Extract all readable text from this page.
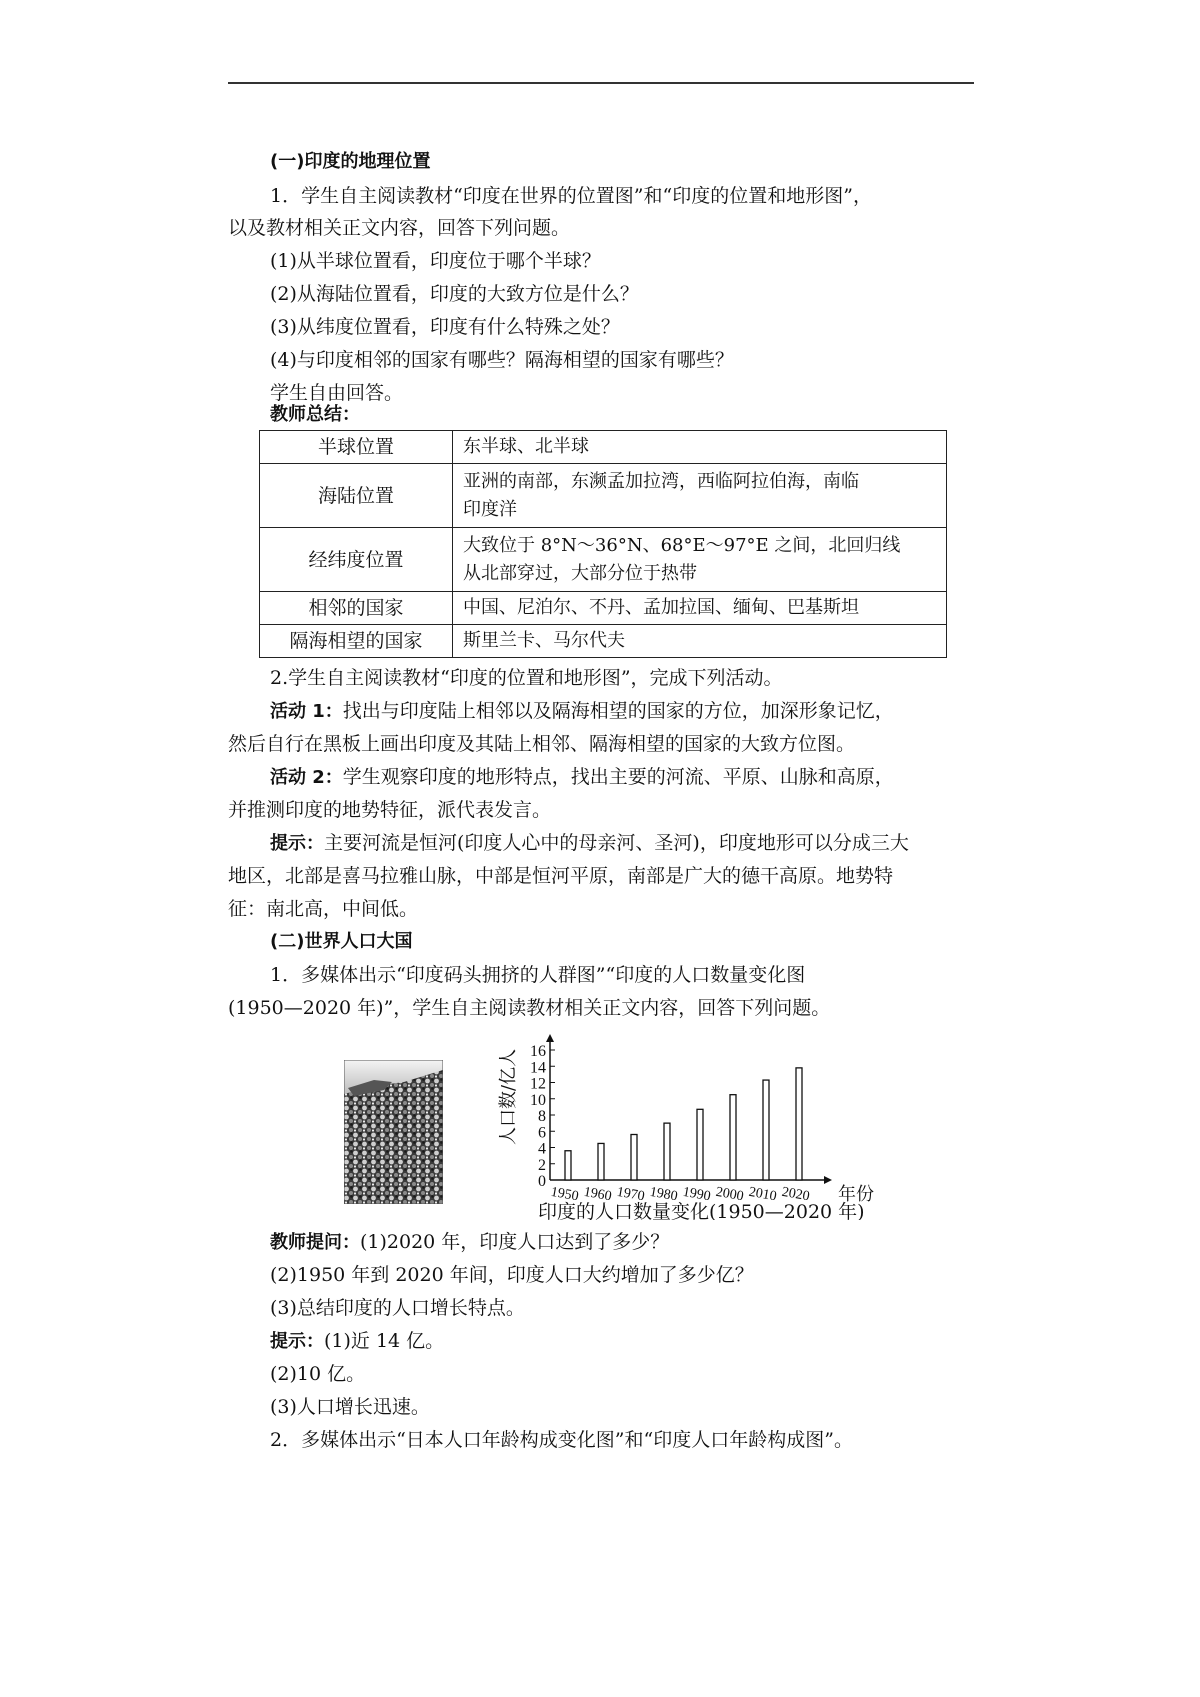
(一)印度的地理位置
1．学生自主阅读教材“印度在世界的位置图”和“印度的位置和地形图”，
以及教材相关正文内容，回答下列问题。
(1)从半球位置看，印度位于哪个半球？
(2)从海陆位置看，印度的大致方位是什么？
(3)从纬度位置看，印度有什么特殊之处？
(4)与印度相邻的国家有哪些？隔海相望的国家有哪些？
学生自由回答。
教师总结：
半球位置	东半球、北半球
海陆位置	亚洲的南部，东濒孟加拉湾，西临阿拉伯海，南临
印度洋
经纬度位置	大致位于 8°N～36°N、68°E～97°E 之间，北回归线
从北部穿过，大部分位于热带
相邻的国家	中国、尼泊尔、不丹、孟加拉国、缅甸、巴基斯坦
隔海相望的国家	斯里兰卡、马尔代夫
2.学生自主阅读教材“印度的位置和地形图”，完成下列活动。
活动 1：找出与印度陆上相邻以及隔海相望的国家的方位，加深形象记忆，
然后自行在黑板上画出印度及其陆上相邻、隔海相望的国家的大致方位图。
活动 2：学生观察印度的地形特点，找出主要的河流、平原、山脉和高原，
并推测印度的地势特征，派代表发言。
提示：主要河流是恒河(印度人心中的母亲河、圣河)，印度地形可以分成三大
地区，北部是喜马拉雅山脉，中部是恒河平原，南部是广大的德干高原。地势特
征：南北高，中间低。
(二)世界人口大国
1．多媒体出示“印度码头拥挤的人群图”“印度的人口数量变化图
(1950—2020 年)”，学生自主阅读教材相关正文内容，回答下列问题。
0
2
4
6
8
10
12
14
16
人口数/亿人
1950 1960 1970 1980 1990 2000 2010 2020 年份
印度的人口数量变化(1950—2020 年)
教师提问：(1)2020 年，印度人口达到了多少？
(2)1950 年到 2020 年间，印度人口大约增加了多少亿？
(3)总结印度的人口增长特点。
提示：(1)近 14 亿。
(2)10 亿。
(3)人口增长迅速。
2．多媒体出示“日本人口年龄构成变化图”和“印度人口年龄构成图”。
